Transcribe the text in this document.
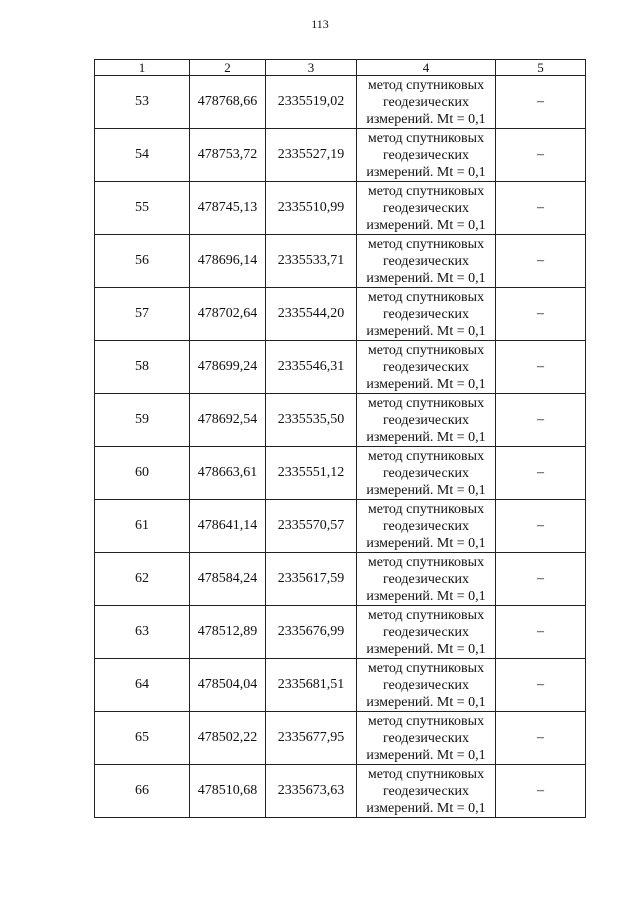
113
1	2	3	4	5
53	478768,66	2335519,02	метод спутниковых
геодезических
измерений. Mt = 0,1	–
54	478753,72	2335527,19	метод спутниковых
геодезических
измерений. Mt = 0,1	–
55	478745,13	2335510,99	метод спутниковых
геодезических
измерений. Mt = 0,1	–
56	478696,14	2335533,71	метод спутниковых
геодезических
измерений. Mt = 0,1	–
57	478702,64	2335544,20	метод спутниковых
геодезических
измерений. Mt = 0,1	–
58	478699,24	2335546,31	метод спутниковых
геодезических
измерений. Mt = 0,1	–
59	478692,54	2335535,50	метод спутниковых
геодезических
измерений. Mt = 0,1	–
60	478663,61	2335551,12	метод спутниковых
геодезических
измерений. Mt = 0,1	–
61	478641,14	2335570,57	метод спутниковых
геодезических
измерений. Mt = 0,1	–
62	478584,24	2335617,59	метод спутниковых
геодезических
измерений. Mt = 0,1	–
63	478512,89	2335676,99	метод спутниковых
геодезических
измерений. Mt = 0,1	–
64	478504,04	2335681,51	метод спутниковых
геодезических
измерений. Mt = 0,1	–
65	478502,22	2335677,95	метод спутниковых
геодезических
измерений. Mt = 0,1	–
66	478510,68	2335673,63	метод спутниковых
геодезических
измерений. Mt = 0,1	–
